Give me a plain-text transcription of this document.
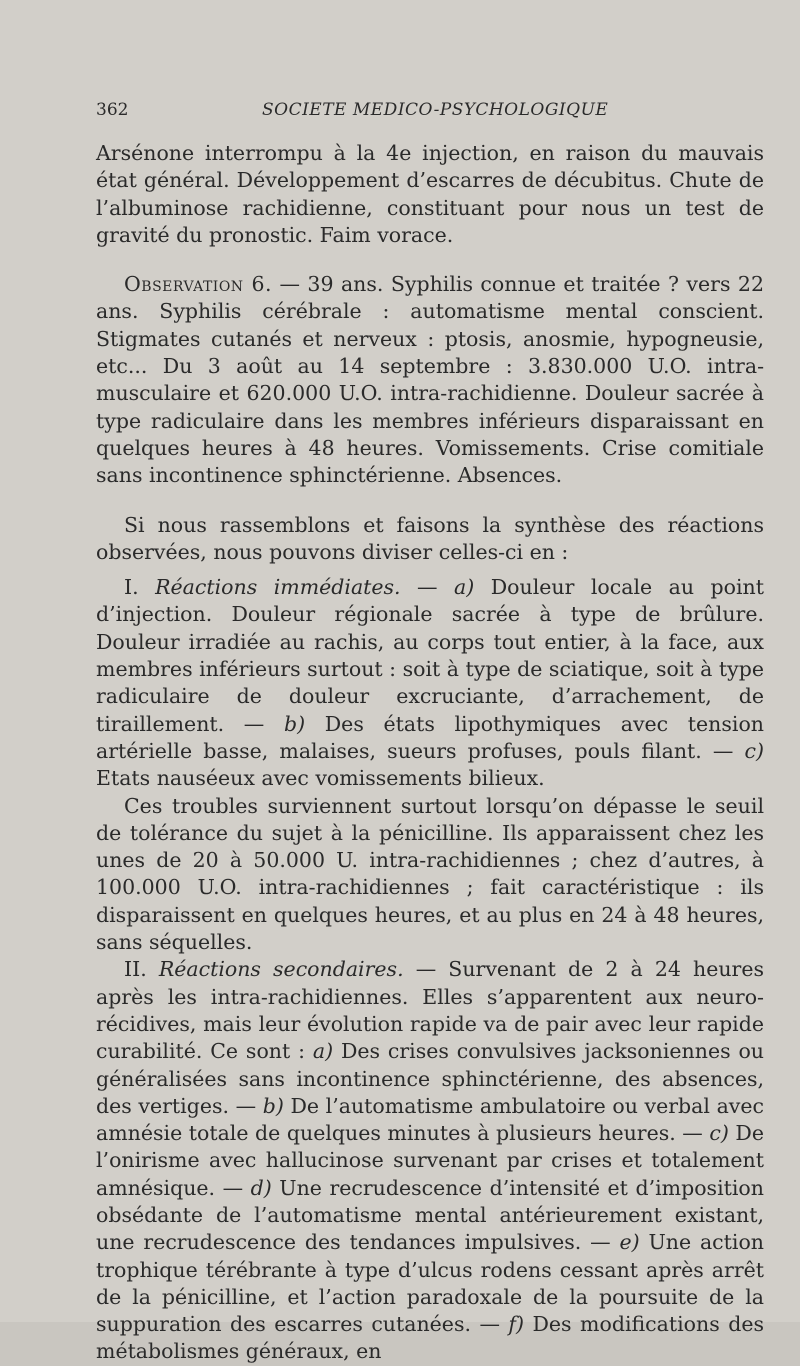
362	SOCIETE MEDICO-PSYCHOLOGIQUE

Arsénone interrompu à la 4e injection, en raison du mauvais état général. Développement d’escarres de décubitus. Chute de l’albuminose rachidienne, constituant pour nous un test de gravité du pronostic. Faim vorace.

Observation 6. — 39 ans. Syphilis connue et traitée ? vers 22 ans. Syphilis cérébrale : automatisme mental conscient. Stigmates cutanés et nerveux : ptosis, anosmie, hypogneusie, etc... Du 3 août au 14 septembre : 3.830.000 U.O. intra-musculaire et 620.000 U.O. intra-rachidienne. Douleur sacrée à type radiculaire dans les membres inférieurs disparaissant en quelques heures à 48 heures. Vomissements. Crise comitiale sans incontinence sphinctérienne. Absences.

Si nous rassemblons et faisons la synthèse des réactions observées, nous pouvons diviser celles-ci en :

I. Réactions immédiates. — a) Douleur locale au point d’injection. Douleur régionale sacrée à type de brûlure. Douleur irradiée au rachis, au corps tout entier, à la face, aux membres inférieurs surtout : soit à type de sciatique, soit à type radiculaire de douleur excruciante, d’arrachement, de tiraillement. — b) Des états lipothymiques avec tension artérielle basse, malaises, sueurs profuses, pouls filant. — c) Etats nauséeux avec vomissements bilieux.

Ces troubles surviennent surtout lorsqu’on dépasse le seuil de tolérance du sujet à la pénicilline. Ils apparaissent chez les unes de 20 à 50.000 U. intra-rachidiennes ; chez d’autres, à 100.000 U.O. intra-rachidiennes ; fait caractéristique : ils disparaissent en quelques heures, et au plus en 24 à 48 heures, sans séquelles.

II. Réactions secondaires. — Survenant de 2 à 24 heures après les intra-rachidiennes. Elles s’apparentent aux neuro-récidives, mais leur évolution rapide va de pair avec leur rapide curabilité. Ce sont : a) Des crises convulsives jacksoniennes ou généralisées sans incontinence sphinctérienne, des absences, des vertiges. — b) De l’automatisme ambulatoire ou verbal avec amnésie totale de quelques minutes à plusieurs heures. — c) De l’onirisme avec hallucinose survenant par crises et totalement amnésique. — d) Une recrudescence d’intensité et d’imposition obsédante de l’automatisme mental antérieurement existant, une recrudescence des tendances impulsives. — e) Une action trophique térébrante à type d’ulcus rodens cessant après arrêt de la pénicilline, et l’action paradoxale de la poursuite de la suppuration des escarres cutanées. — f) Des modifications des métabolismes généraux, en
